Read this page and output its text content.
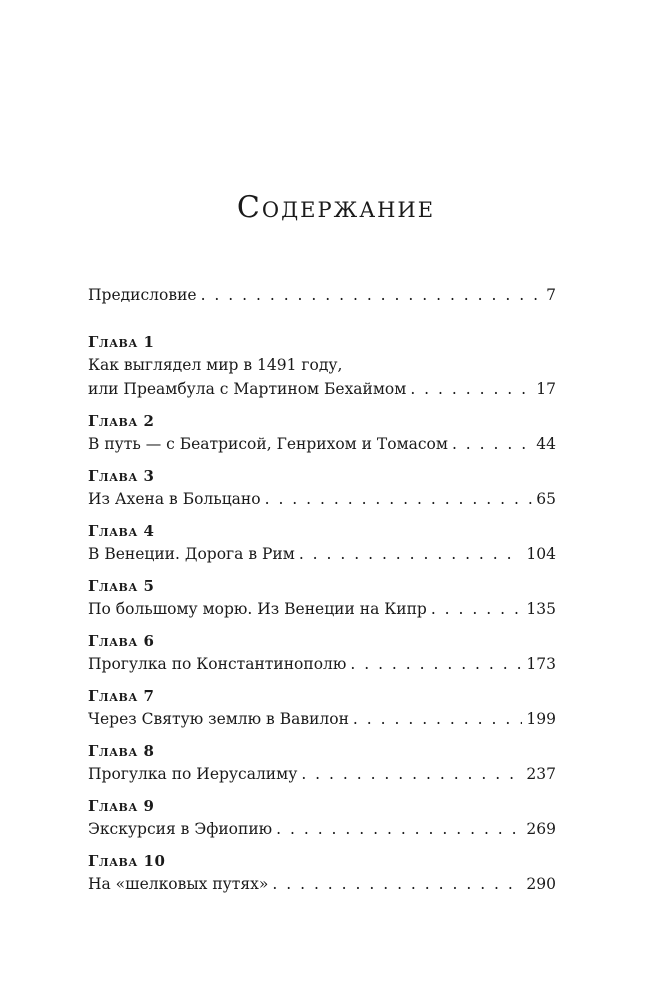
Содержание
Предисловие . . .	7
Глава 1
Как выглядел мир в 1491 году,
или Преамбула с Мартином Бехаймом . . .	17
Глава 2
В путь — с Беатрисой, Генрихом и Томасом . . .	44
Глава 3
Из Ахена в Больцано . . .	65
Глава 4
В Венеции. Дорога в Рим . . .	104
Глава 5
По большому морю. Из Венеции на Кипр . . .	135
Глава 6
Прогулка по Константинополю . . .	173
Глава 7
Через Святую землю в Вавилон . . .	199
Глава 8
Прогулка по Иерусалиму . . .	237
Глава 9
Экскурсия в Эфиопию . . .	269
Глава 10
На «шелковых путях» . . .	290
